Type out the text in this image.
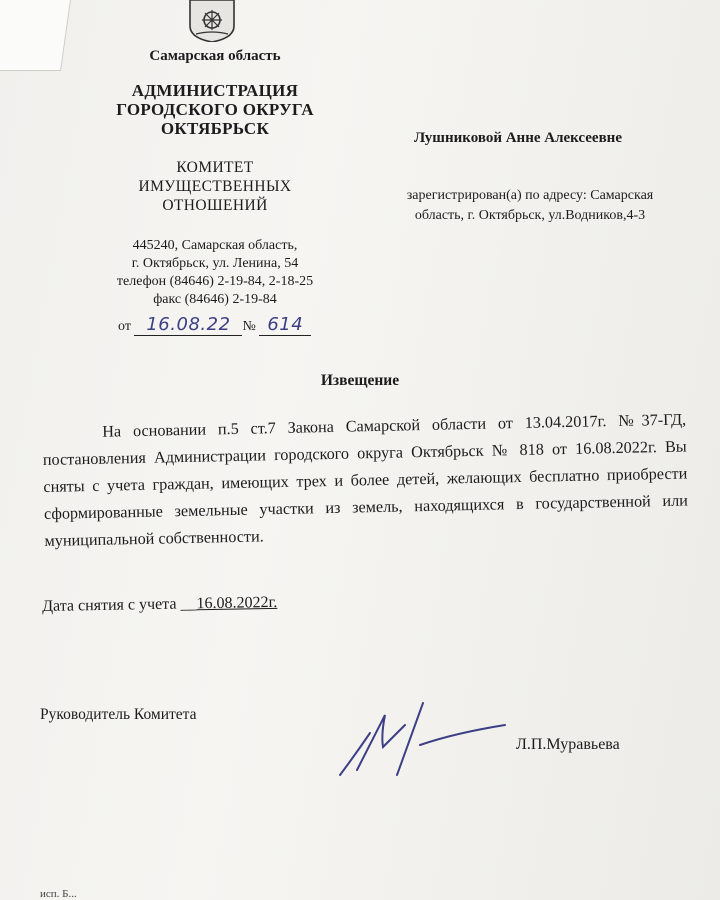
Самарская область
АДМИНИСТРАЦИЯ
ГОРОДСКОГО ОКРУГА
ОКТЯБРЬСК
КОМИТЕТ
ИМУЩЕСТВЕННЫХ
ОТНОШЕНИЙ
445240, Самарская область,
г. Октябрьск, ул. Ленина, 54
телефон (84646) 2-19-84, 2-18-25
факс (84646) 2-19-84
от 16.08.22 № 614
Лушниковой Анне Алексеевне
зарегистрирован(а) по адресу: Самарская
область, г. Октябрьск, ул.Водников,4-3
Извещение
На основании п.5 ст.7 Закона Самарской области от 13.04.2017г. №37-ГД, постановления Администрации городского округа Октябрьск № 818 от 16.08.2022г. Вы сняты с учета граждан, имеющих трех и более детей, желающих бесплатно приобрести сформированные земельные участки из земель, находящихся в государственной или муниципальной собственности.
Дата снятия с учета __16.08.2022г.
Руководитель Комитета
Л.П.Муравьева
исп. Б...
